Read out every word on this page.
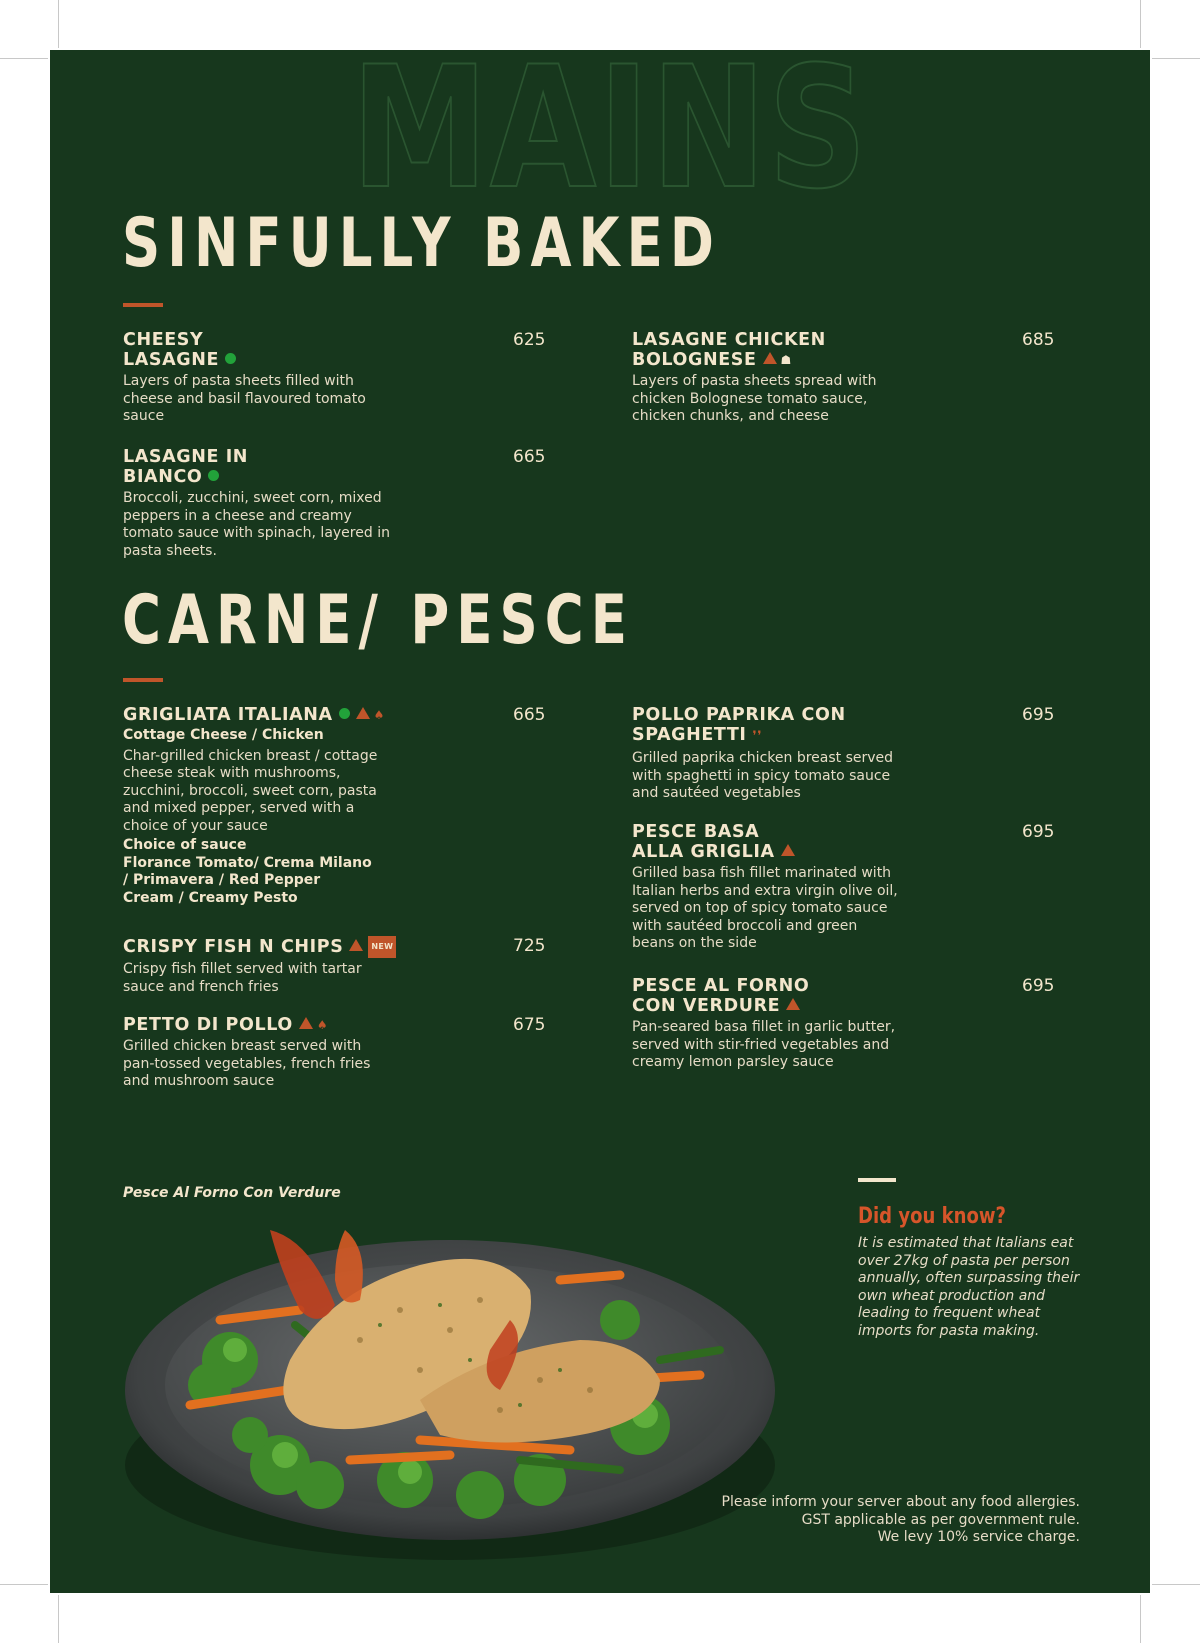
MAINS
SINFULLY BAKED
CHEESY
LASAGNE
625
Layers of pasta sheets filled with cheese and basil flavoured tomato sauce
LASAGNE CHICKEN
BOLOGNESE ☗
685
Layers of pasta sheets spread with chicken Bolognese tomato sauce, chicken chunks, and cheese
LASAGNE IN
BIANCO
665
Broccoli, zucchini, sweet corn, mixed peppers in a cheese and creamy tomato sauce with spinach, layered in pasta sheets.
CARNE/ PESCE
GRIGLIATA ITALIANA	♠	665
Cottage Cheese / Chicken
Char-grilled chicken breast / cottage cheese steak with mushrooms, zucchini, broccoli, sweet corn, pasta and mixed pepper, served with a choice of your sauce
Choice of sauce
Florance Tomato/ Crema Milano / Primavera / Red Pepper Cream / Creamy Pesto
POLLO PAPRIKA CON
SPAGHETTI ❜❜
695
Grilled paprika chicken breast served with spaghetti in spicy tomato sauce and sautéed vegetables
PESCE BASA
ALLA GRIGLIA
695
Grilled basa fish fillet marinated with Italian herbs and extra virgin olive oil, served on top of spicy tomato sauce with sautéed broccoli and green beans on the side
CRISPY FISH N CHIPS	NEW	725
Crispy fish fillet served with tartar sauce and french fries	PESCE AL FORNO
CON VERDURE
695
Pan-seared basa fillet in garlic butter, served with stir-fried vegetables and creamy lemon parsley sauce
PETTO DI POLLO ♠	675
Grilled chicken breast served with pan-tossed vegetables, french fries and mushroom sauce
Pesce Al Forno Con Verdure
Did you know?
It is estimated that Italians eat over 27kg of pasta per person annually, often surpassing their own wheat production and leading to frequent wheat imports for pasta making.
Please inform your server about any food allergies.
GST applicable as per government rule.
We levy 10% service charge.
